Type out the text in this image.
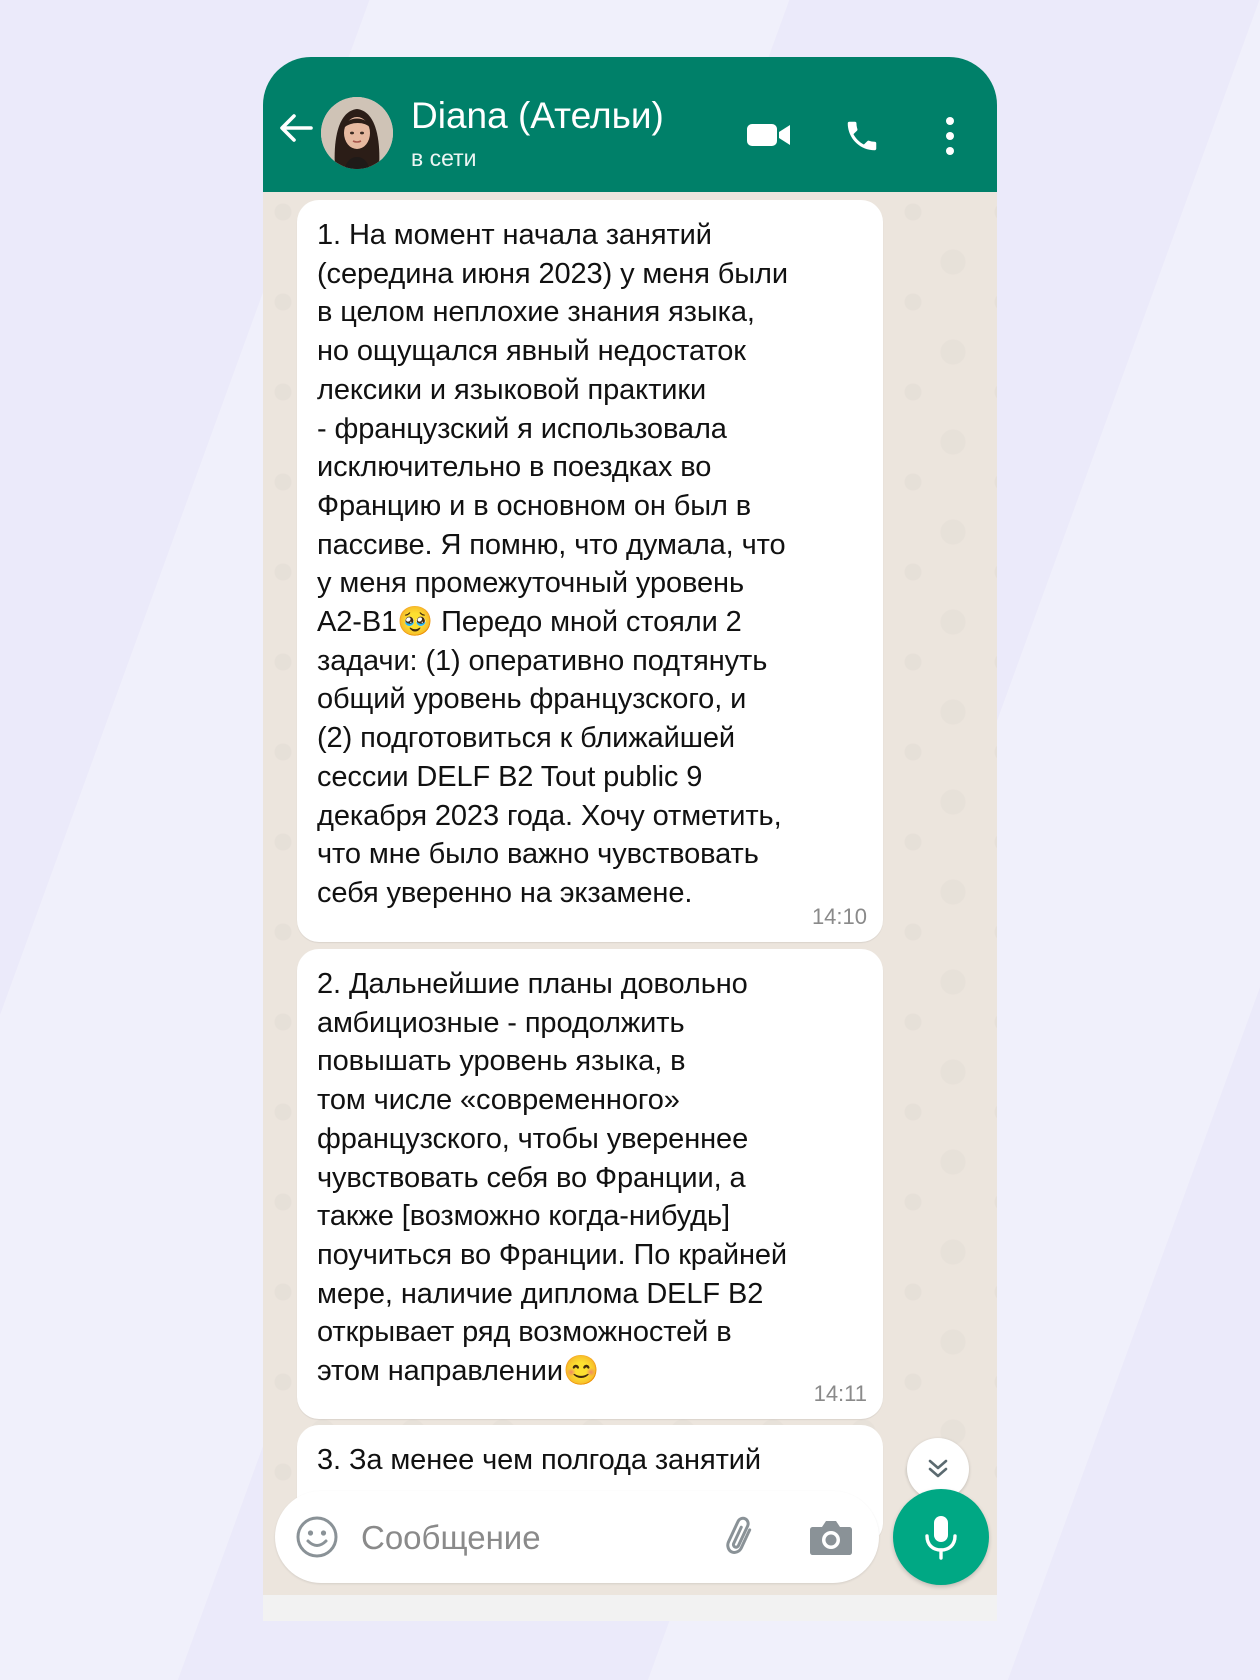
Diana (Ательи)
в сети

1. На момент начала занятий
(середина июня 2023) у меня были
в целом неплохие знания языка,
но ощущался явный недостаток
лексики и языковой практики
- французский я использовала
исключительно в поездках во
Францию и в основном он был в
пассиве. Я помню, что думала, что
у меня промежуточный уровень
A2-B1🥹 Передо мной стояли 2
задачи: (1) оперативно подтянуть
общий уровень французского, и
(2) подготовиться к ближайшей
сессии DELF B2 Tout public 9
декабря 2023 года. Хочу отметить,
что мне было важно чувствовать
себя уверенно на экзамене.

14:10

2. Дальнейшие планы довольно
амбициозные - продолжить
повышать уровень языка, в
том числе «современного»
французского, чтобы увереннее
чувствовать себя во Франции, а
также [возможно когда-нибудь]
поучиться во Франции. По крайней
мере, наличие диплома DELF B2
открывает ряд возможностей в
этом направлении😊

14:11

3. За менее чем полгода занятий

Сообщение
